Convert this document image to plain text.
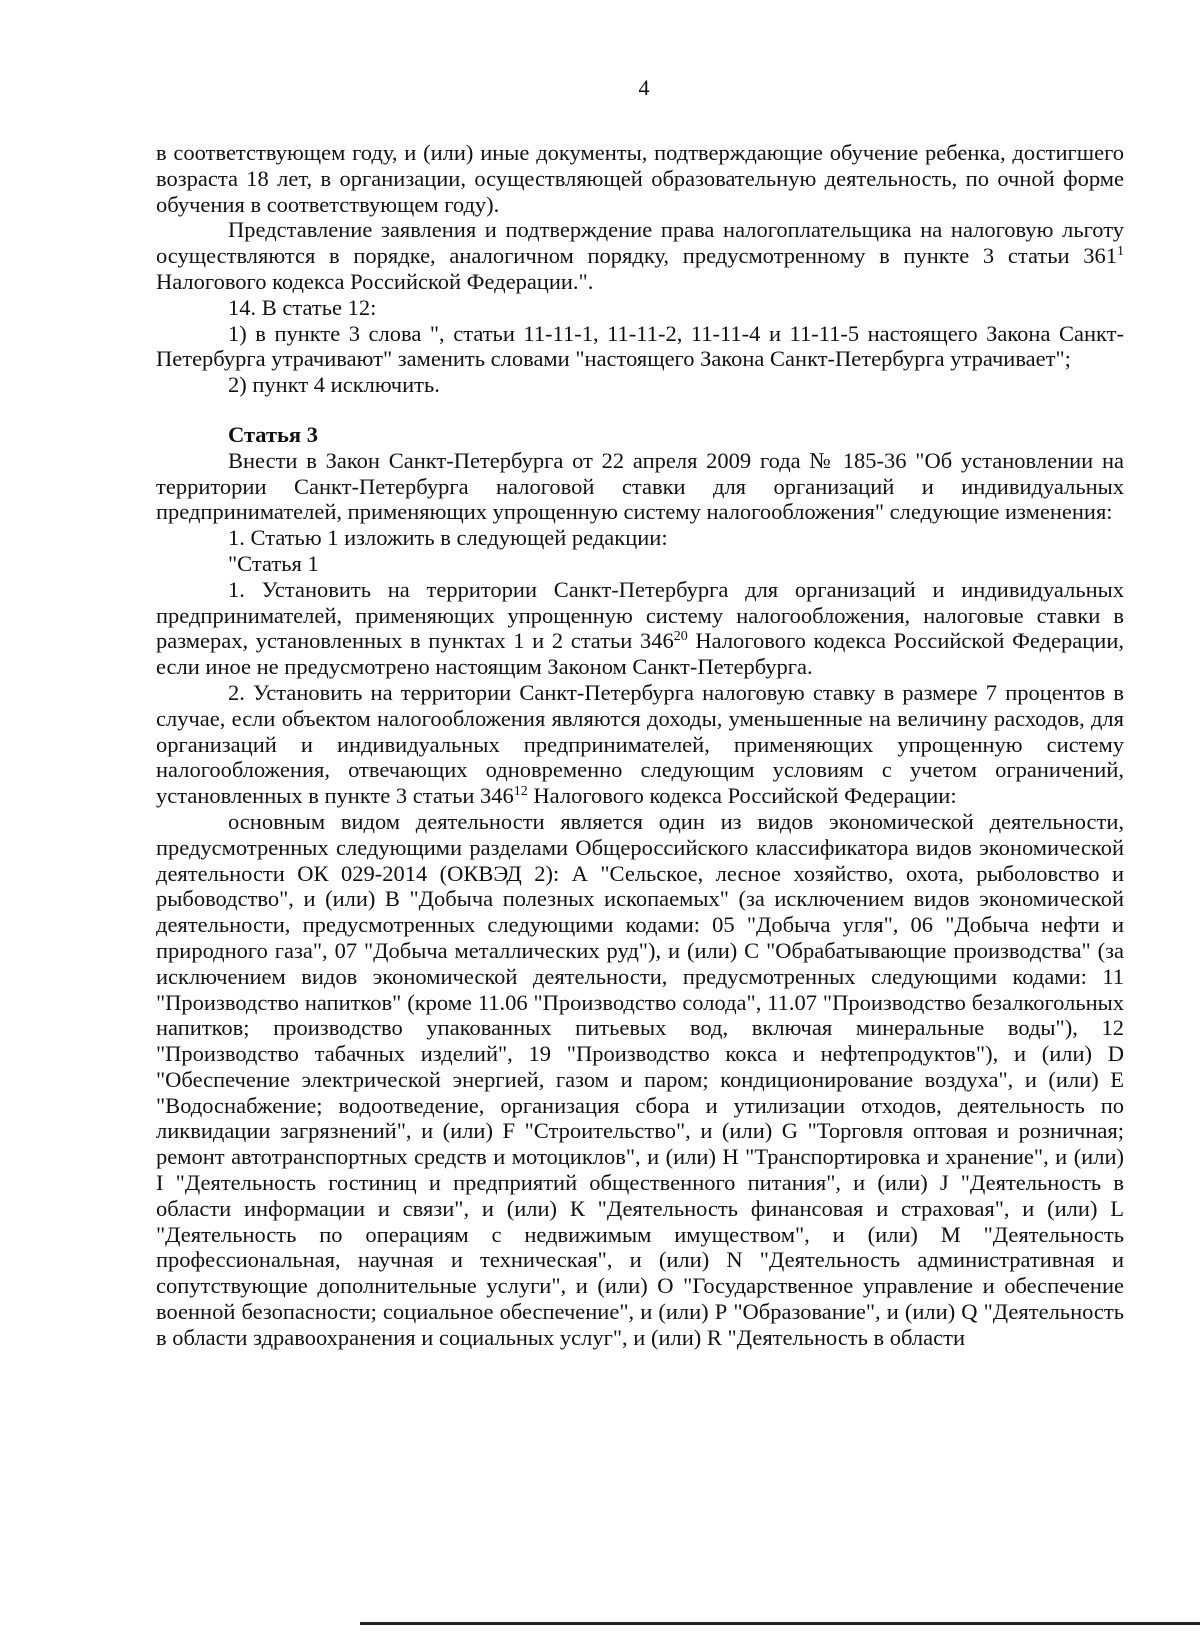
4

в соответствующем году, и (или) иные документы, подтверждающие обучение ребенка, достигшего возраста 18 лет, в организации, осуществляющей образовательную деятельность, по очной форме обучения в соответствующем году).

Представление заявления и подтверждение права налогоплательщика на налоговую льготу осуществляются в порядке, аналогичном порядку, предусмотренному в пункте 3 статьи $361^1$ Налогового кодекса Российской Федерации.".

14. В статье 12:

1) в пункте 3 слова ", статьи 11-11-1, 11-11-2, 11-11-4 и 11-11-5 настоящего Закона Санкт-Петербурга утрачивают" заменить словами "настоящего Закона Санкт-Петербурга утрачивает";

2) пункт 4 исключить.

Статья 3

Внести в Закон Санкт-Петербурга от 22 апреля 2009 года № 185-36 "Об установлении на территории Санкт-Петербурга налоговой ставки для организаций и индивидуальных предпринимателей, применяющих упрощенную систему налогообложения" следующие изменения:

1. Статью 1 изложить в следующей редакции:

"Статья 1

1. Установить на территории Санкт-Петербурга для организаций и индивидуальных предпринимателей, применяющих упрощенную систему налогообложения, налоговые ставки в размерах, установленных в пунктах 1 и 2 статьи $346^{20}$ Налогового кодекса Российской Федерации, если иное не предусмотрено настоящим Законом Санкт-Петербурга.

2. Установить на территории Санкт-Петербурга налоговую ставку в размере 7 процентов в случае, если объектом налогообложения являются доходы, уменьшенные на величину расходов, для организаций и индивидуальных предпринимателей, применяющих упрощенную систему налогообложения, отвечающих одновременно следующим условиям с учетом ограничений, установленных в пункте 3 статьи $346^{12}$ Налогового кодекса Российской Федерации:

основным видом деятельности является один из видов экономической деятельности, предусмотренных следующими разделами Общероссийского классификатора видов экономической деятельности ОК 029-2014 (ОКВЭД 2): А "Сельское, лесное хозяйство, охота, рыболовство и рыбоводство", и (или) В "Добыча полезных ископаемых" (за исключением видов экономической деятельности, предусмотренных следующими кодами: 05 "Добыча угля", 06 "Добыча нефти и природного газа", 07 "Добыча металлических руд"), и (или) С "Обрабатывающие производства" (за исключением видов экономической деятельности, предусмотренных следующими кодами: 11 "Производство напитков" (кроме 11.06 "Производство солода", 11.07 "Производство безалкогольных напитков; производство упакованных питьевых вод, включая минеральные воды"), 12 "Производство табачных изделий", 19 "Производство кокса и нефтепродуктов"), и (или) D "Обеспечение электрической энергией, газом и паром; кондиционирование воздуха", и (или) Е "Водоснабжение; водоотведение, организация сбора и утилизации отходов, деятельность по ликвидации загрязнений", и (или) F "Строительство", и (или) G "Торговля оптовая и розничная; ремонт автотранспортных средств и мотоциклов", и (или) Н "Транспортировка и хранение", и (или) I "Деятельность гостиниц и предприятий общественного питания", и (или) J "Деятельность в области информации и связи", и (или) К "Деятельность финансовая и страховая", и (или) L "Деятельность по операциям с недвижимым имуществом", и (или) М "Деятельность профессиональная, научная и техническая", и (или) N "Деятельность административная и сопутствующие дополнительные услуги", и (или) О "Государственное управление и обеспечение военной безопасности; социальное обеспечение", и (или) Р "Образование", и (или) Q "Деятельность в области здравоохранения и социальных услуг", и (или) R "Деятельность в области
